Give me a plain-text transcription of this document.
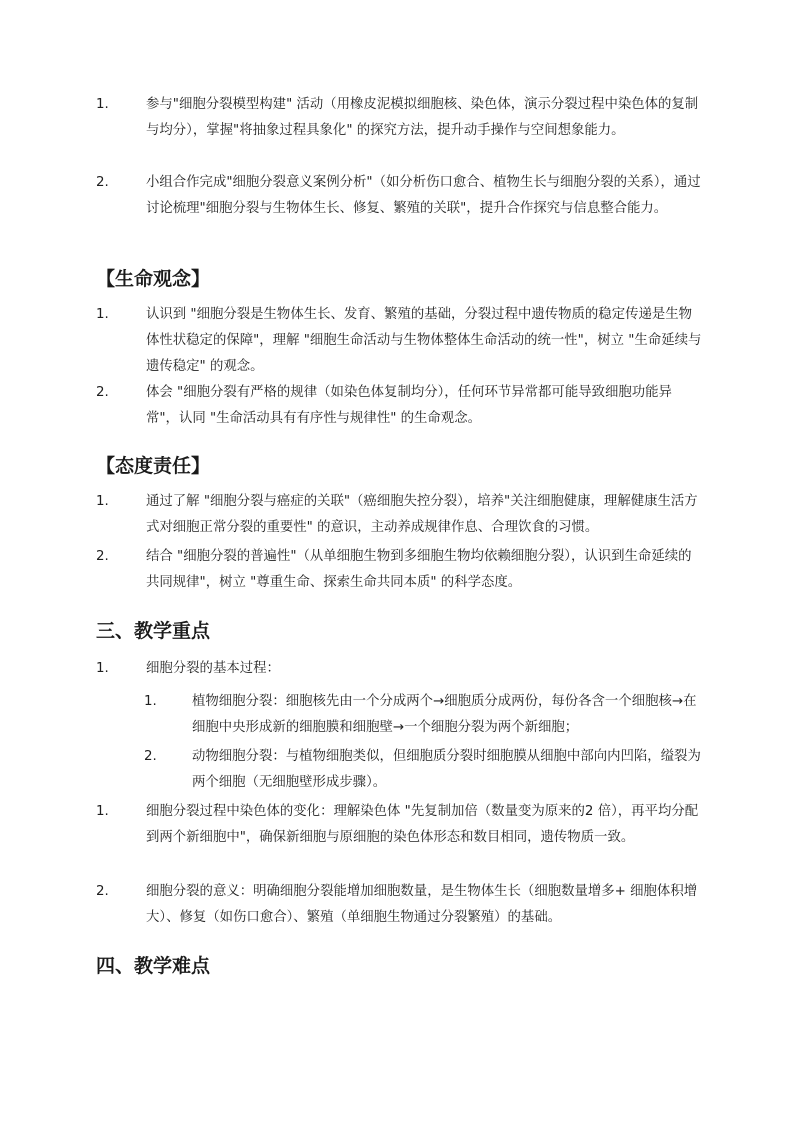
1.	参与"细胞分裂模型构建" 活动（用橡皮泥模拟细胞核、染色体，演示分裂过程中染色体的复制与均分），掌握"将抽象过程具象化" 的探究方法，提升动手操作与空间想象能力。
2.	小组合作完成"细胞分裂意义案例分析"（如分析伤口愈合、植物生长与细胞分裂的关系），通过讨论梳理"细胞分裂与生物体生长、修复、繁殖的关联"，提升合作探究与信息整合能力。
【生命观念】
1.	认识到 "细胞分裂是生物体生长、发育、繁殖的基础，分裂过程中遗传物质的稳定传递是生物体性状稳定的保障"，理解 "细胞生命活动与生物体整体生命活动的统一性"，树立 "生命延续与遗传稳定" 的观念。
2.	体会 "细胞分裂有严格的规律（如染色体复制均分），任何环节异常都可能导致细胞功能异常"，认同 "生命活动具有有序性与规律性" 的生命观念。
【态度责任】
1.	通过了解 "细胞分裂与癌症的关联"（癌细胞失控分裂），培养"关注细胞健康，理解健康生活方式对细胞正常分裂的重要性" 的意识，主动养成规律作息、合理饮食的习惯。
2.	结合 "细胞分裂的普遍性"（从单细胞生物到多细胞生物均依赖细胞分裂），认识到生命延续的共同规律"，树立 "尊重生命、探索生命共同本质" 的科学态度。
三、教学重点
1.	细胞分裂的基本过程：
1.	植物细胞分裂：细胞核先由一个分成两个→细胞质分成两份，每份各含一个细胞核→在细胞中央形成新的细胞膜和细胞壁→一个细胞分裂为两个新细胞；
2.	动物细胞分裂：与植物细胞类似，但细胞质分裂时细胞膜从细胞中部向内凹陷，缢裂为两个细胞（无细胞壁形成步骤）。
1.	细胞分裂过程中染色体的变化：理解染色体 "先复制加倍（数量变为原来的2 倍），再平均分配到两个新细胞中"，确保新细胞与原细胞的染色体形态和数目相同，遗传物质一致。
2.	细胞分裂的意义：明确细胞分裂能增加细胞数量，是生物体生长（细胞数量增多+ 细胞体积增大）、修复（如伤口愈合）、繁殖（单细胞生物通过分裂繁殖）的基础。
四、教学难点
